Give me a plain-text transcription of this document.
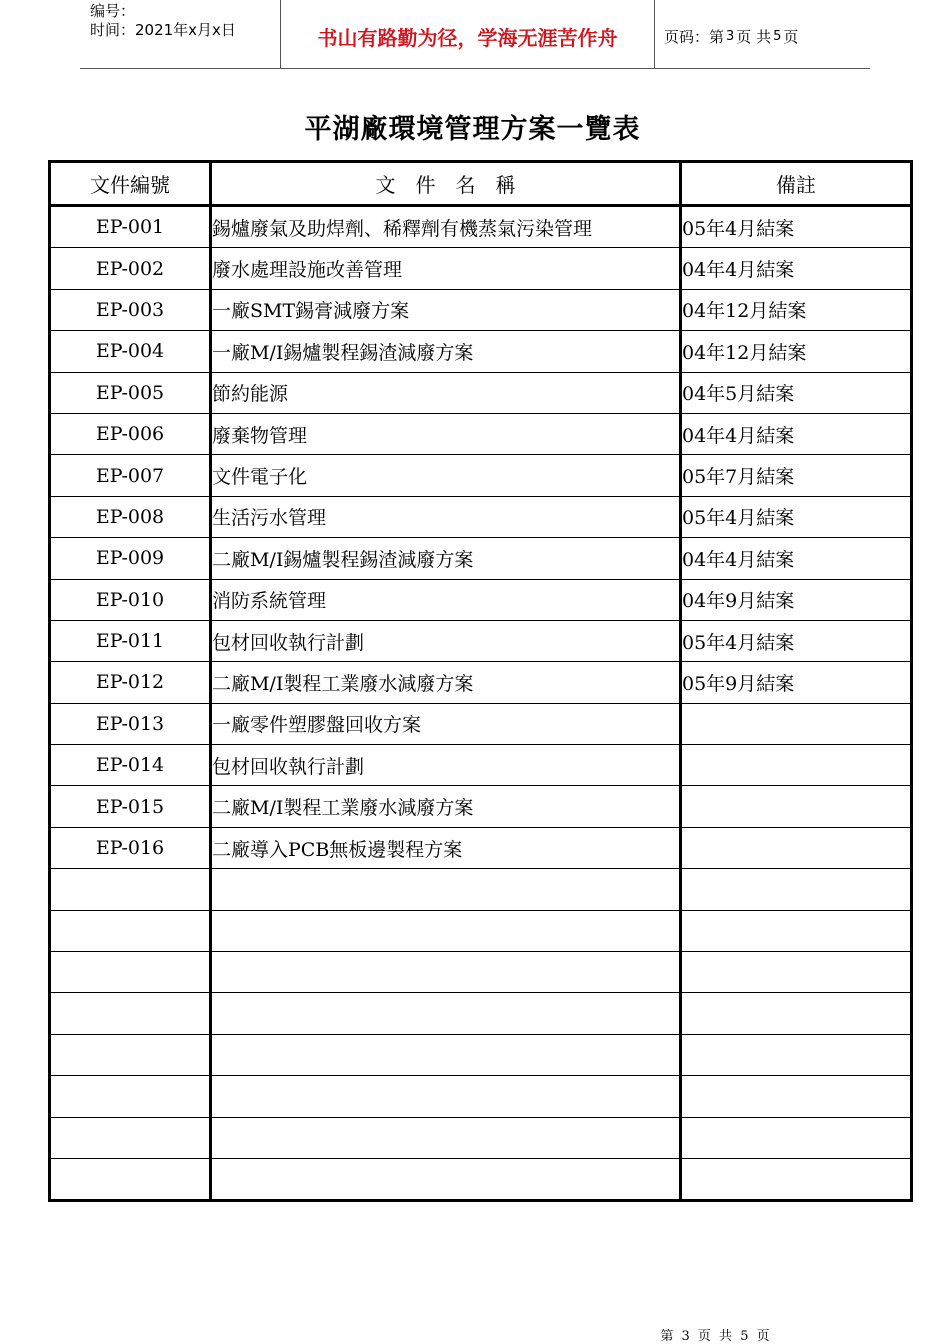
编号：
时间：2021年x月x日	书山有路勤为径，学海无涯苦作舟	页码：第 3 页 共 5 页
平湖廠環境管理方案一覽表
文件編號	文　件　名　稱	備註
EP-001	錫爐廢氣及助焊劑、稀釋劑有機蒸氣污染管理	05年4月結案
EP-002	廢水處理設施改善管理	04年4月結案
EP-003	一廠SMT錫膏減廢方案	04年12月結案
EP-004	一廠M/I錫爐製程錫渣減廢方案	04年12月結案
EP-005	節約能源	04年5月結案
EP-006	廢棄物管理	04年4月結案
EP-007	文件電子化	05年7月結案
EP-008	生活污水管理	05年4月結案
EP-009	二廠M/I錫爐製程錫渣減廢方案	04年4月結案
EP-010	消防系統管理	04年9月結案
EP-011	包材回收執行計劃	05年4月結案
EP-012	二廠M/I製程工業廢水減廢方案	05年9月結案
EP-013	一廠零件塑膠盤回收方案	
EP-014	包材回收執行計劃	
EP-015	二廠M/I製程工業廢水減廢方案	
EP-016	二廠導入PCB無板邊製程方案	

第 3 页 共 5 页
